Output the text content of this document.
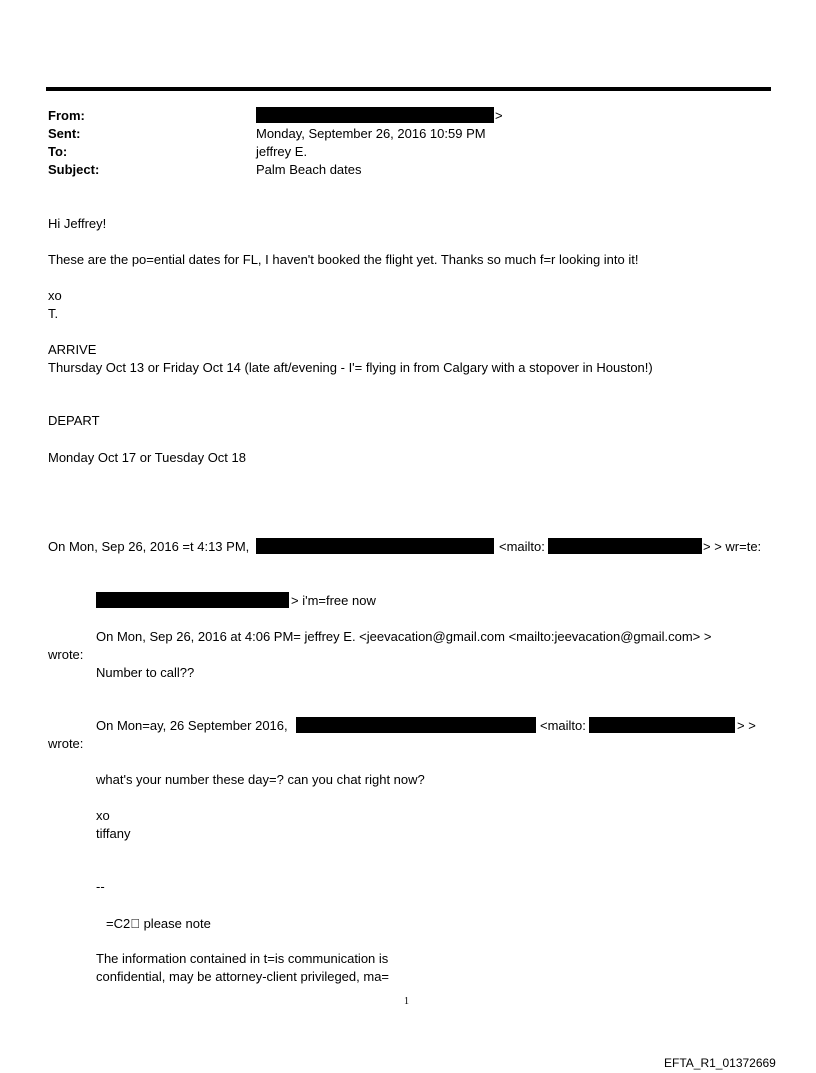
From:	>
Sent:	Monday, September 26, 2016 10:59 PM
To:	jeffrey E.
Subject:	Palm Beach dates
Hi Jeffrey!
These are the po=ential dates for FL, I haven't booked the flight yet. Thanks so much f=r looking into it!
xo
T.
ARRIVE
Thursday Oct 13 or Friday Oct 14 (late aft/evening - I'= flying in from Calgary with a stopover in Houston!)
DEPART
Monday Oct 17 or Tuesday Oct 18
On Mon, Sep 26, 2016 =t 4:13 PM,	<mailto:	> > wr=te:
> i'm=free now
On Mon, Sep 26, 2016 at 4:06 PM= jeffrey E. <jeevacation@gmail.com <mailto:jeevacation@gmail.com> >
wrote:
Number to call??
On Mon=ay, 26 September 2016,	<mailto:	> >
wrote:
what's your number these day=? can you chat right now?
xo
tiffany
--
=C2  please note
The information contained in t=is communication is
confidential, may be attorney-client privileged, ma=
1
EFTA_R1_01372669
